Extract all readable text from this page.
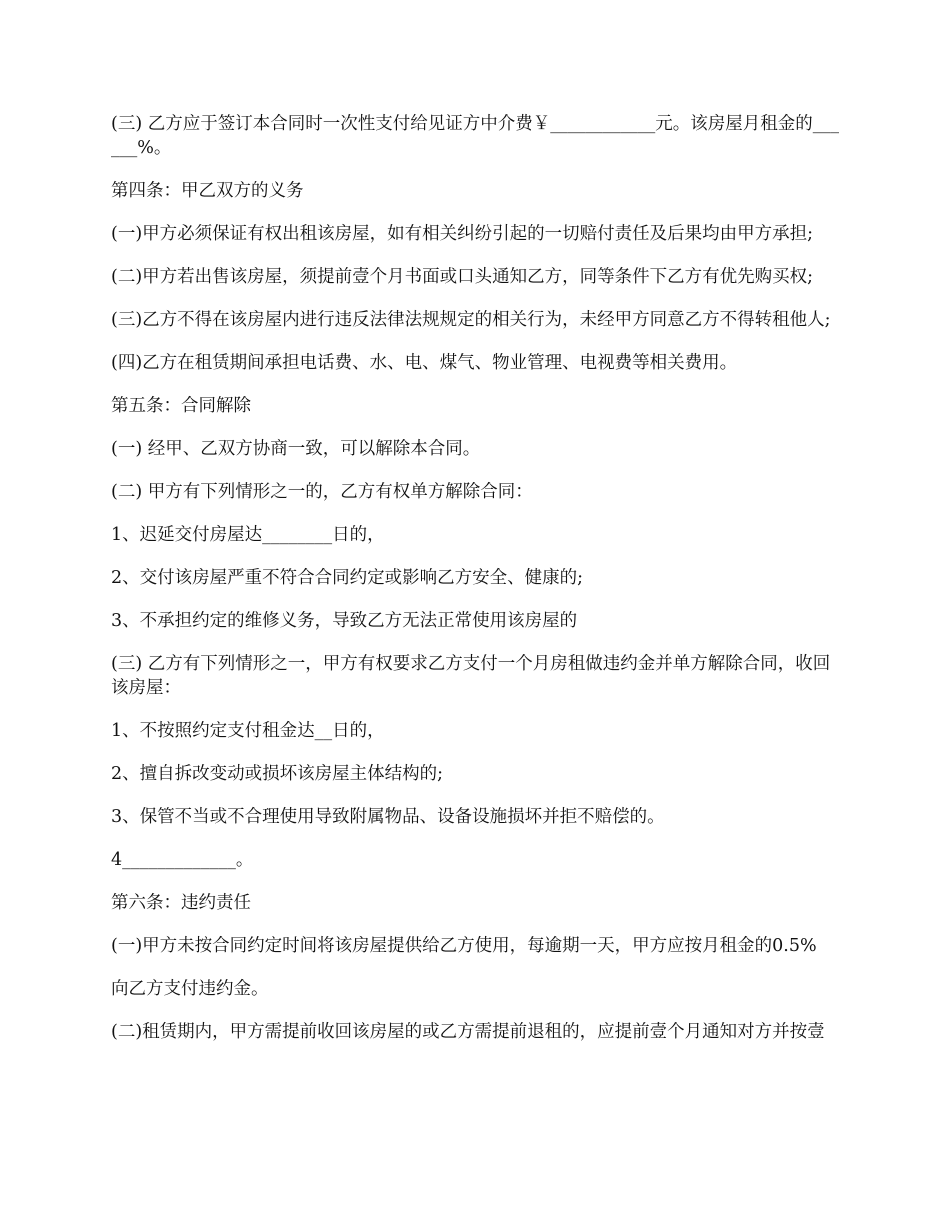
(三) 乙方应于签订本合同时一次性支付给见证方中介费￥____________元。该房屋月租金的______%。

第四条：甲乙双方的义务

(一)甲方必须保证有权出租该房屋，如有相关纠纷引起的一切赔付责任及后果均由甲方承担;

(二)甲方若出售该房屋，须提前壹个月书面或口头通知乙方，同等条件下乙方有优先购买权;

(三)乙方不得在该房屋内进行违反法律法规规定的相关行为，未经甲方同意乙方不得转租他人;

(四)乙方在租赁期间承担电话费、水、电、煤气、物业管理、电视费等相关费用。

第五条：合同解除

(一) 经甲、乙双方协商一致，可以解除本合同。

(二) 甲方有下列情形之一的，乙方有权单方解除合同：

1、迟延交付房屋达________日的，

2、交付该房屋严重不符合合同约定或影响乙方安全、健康的;

3、不承担约定的维修义务，导致乙方无法正常使用该房屋的

(三) 乙方有下列情形之一，甲方有权要求乙方支付一个月房租做违约金并单方解除合同，收回该房屋：

1、不按照约定支付租金达__日的，

2、擅自拆改变动或损坏该房屋主体结构的;

3、保管不当或不合理使用导致附属物品、设备设施损坏并拒不赔偿的。

4_____________。

第六条：违约责任

(一)甲方未按合同约定时间将该房屋提供给乙方使用，每逾期一天，甲方应按月租金的0.5%

向乙方支付违约金。

(二)租赁期内，甲方需提前收回该房屋的或乙方需提前退租的，应提前壹个月通知对方并按壹
